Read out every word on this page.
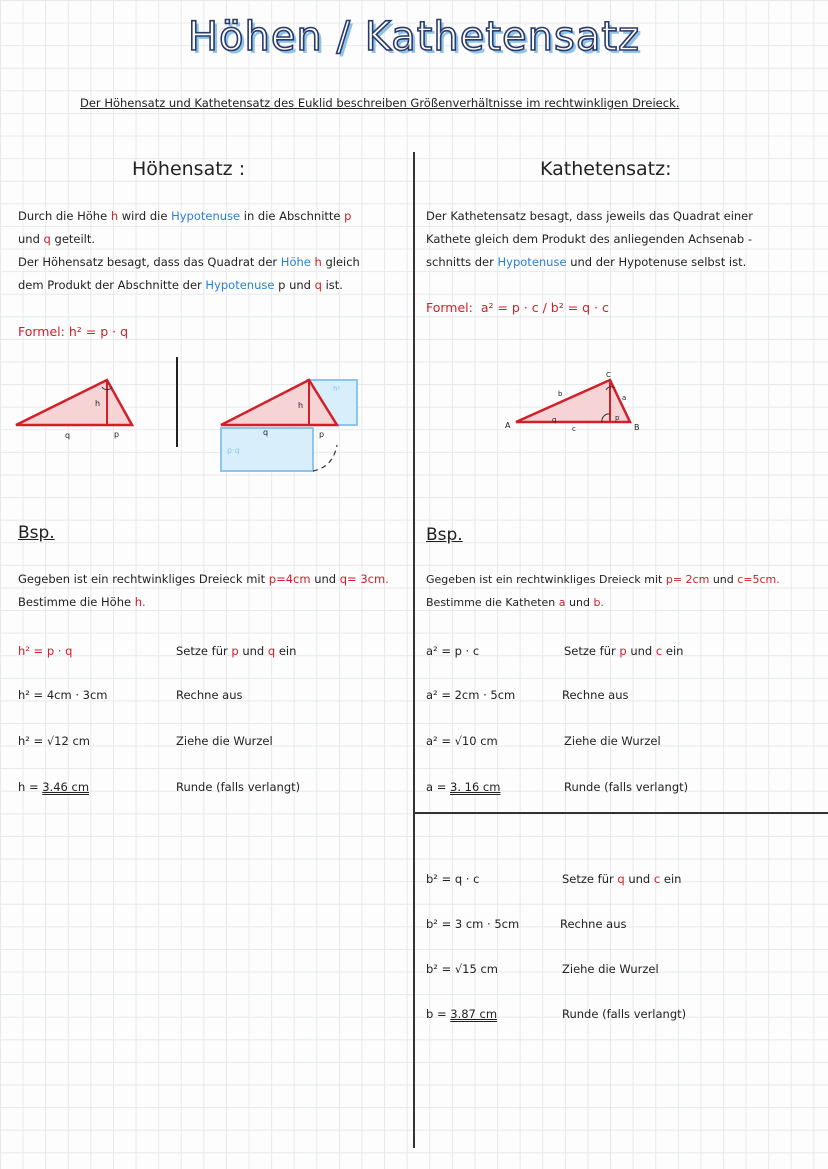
Höhen / Kathetensatz
Der Höhensatz und Kathetensatz des Euklid beschreiben Größenverhältnisse im rechtwinkligen Dreieck.
Höhensatz :
Durch die Höhe h wird die Hypotenuse in die Abschnitte p
und q geteilt.
Der Höhensatz besagt, dass das Quadrat der Höhe h gleich
dem Produkt der Abschnitte der Hypotenuse p und q ist.
Formel: h² = p · q
h
q	p
h
q	p
p·q
h²
Bsp.
Gegeben ist ein rechtwinkliges Dreieck mit p=4cm und q= 3cm.
Bestimme die Höhe h.
h² = p · q	Setze für p und q ein
h² = 4cm · 3cm	Rechne aus
h² = √12 cm	Ziehe die Wurzel
h = 3.46 cm	Runde (falls verlangt)
Kathetensatz:
Der Kathetensatz besagt, dass jeweils das Quadrat einer
Kathete gleich dem Produkt des anliegenden Achsenab -
schnitts der Hypotenuse und der Hypotenuse selbst ist.
Formel: a² = p · c / b² = q · c
A	B
C
a
b
c
q	p
Bsp.
Gegeben ist ein rechtwinkliges Dreieck mit p= 2cm und c=5cm.
Bestimme die Katheten a und b.
a² = p · c	Setze für p und c ein
a² = 2cm · 5cm	Rechne aus
a² = √10 cm	Ziehe die Wurzel
a = 3. 16 cm	Runde (falls verlangt)
b² = q · c	Setze für q und c ein
b² = 3 cm · 5cm	Rechne aus
b² = √15 cm	Ziehe die Wurzel
b = 3.87 cm	Runde (falls verlangt)
